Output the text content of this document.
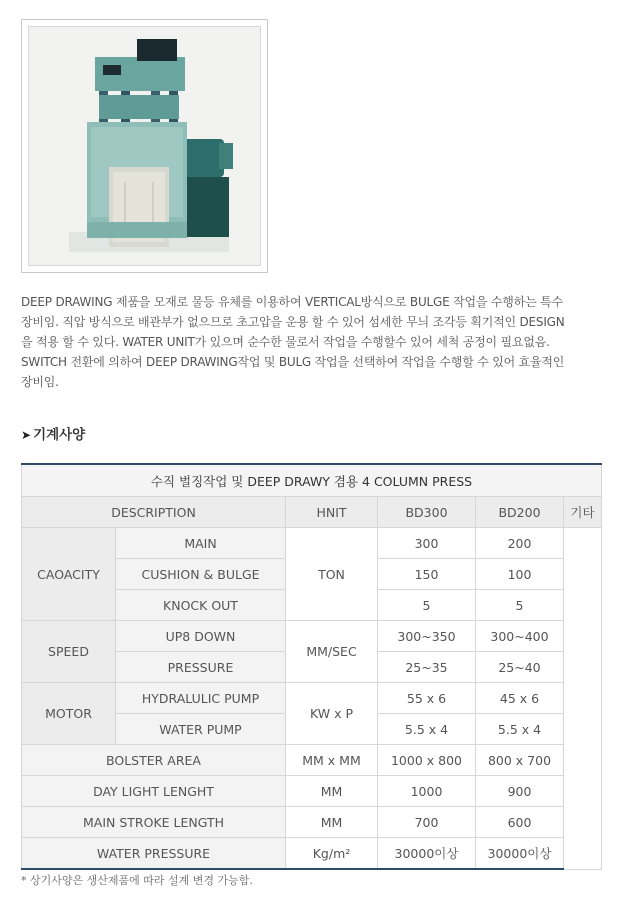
DEEP DRAWING 제품을 모재로 물등 유체를 이용하여 VERTICAL방식으로 BULGE 작업을 수행하는 특수

장비임. 직압 방식으로 배관부가 없으므로 초고압을 운용 할 수 있어 섬세한 무늬 조각등 획기적인 DESIGN

을 적용 할 수 있다. WATER UNIT가 있으며 순수한 물로서 작업을 수행할수 있어 세척 공정이 필요없음.

SWITCH 전환에 의하여 DEEP DRAWING작업 및 BULG 작업을 선택하여 작업을 수행할 수 있어 효율적인

장비임.

➤ 기계사양
수직 벌징작업 및 DEEP DRAWY 겸용 4 COLUMN PRESS					
DESCRIPTION		HNIT	BD300	BD200	기타
CAOACITY	MAIN	TON	300	200	
	CUSHION & BULGE		150	100	
	KNOCK OUT		5	5	
SPEED	UP8 DOWN	MM/SEC	300~350	300~400	
	PRESSURE		25~35	25~40	
MOTOR	HYDRALULIC PUMP	KW x P	55 x 6	45 x 6	
	WATER PUMP		5.5 x 4	5.5 x 4	
BOLSTER AREA		MM x MM	1000 x 800	800 x 700	
DAY LIGHT LENGHT		MM	1000	900	
MAIN STROKE LENGTH		MM	700	600	
WATER PRESSURE		Kg/m²	30000이상	30000이상	
* 상기사양은 생산제품에 따라 설계 변경 가능함.
